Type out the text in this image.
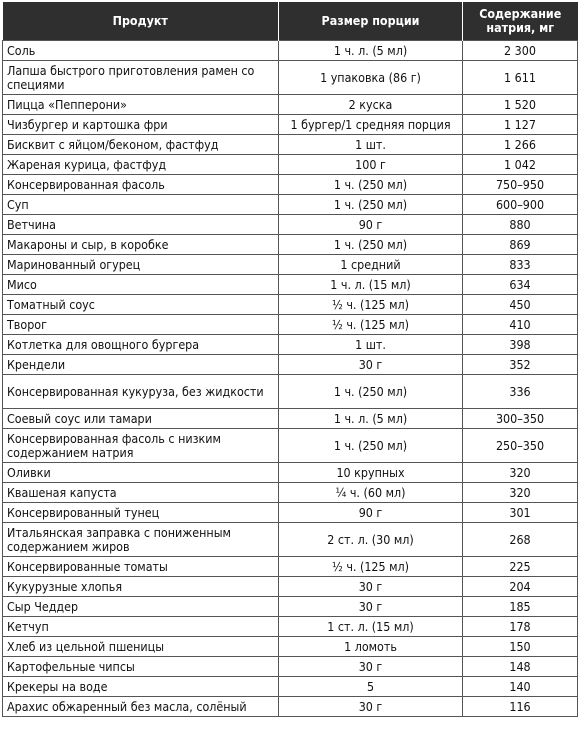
Продукт	Размер порции	Содержание натрия, мг
Соль	1 ч. л. (5 мл)	2 300
Лапша быстрого приготовления рамен со специями	1 упаковка (86 г)	1 611
Пицца «Пепперони»	2 куска	1 520
Чизбургер и картошка фри	1 бургер/1 средняя порция	1 127
Бисквит с яйцом/беконом, фастфуд	1 шт.	1 266
Жареная курица, фастфуд	100 г	1 042
Консервированная фасоль	1 ч. (250 мл)	750–950
Суп	1 ч. (250 мл)	600–900
Ветчина	90 г	880
Макароны и сыр, в коробке	1 ч. (250 мл)	869
Маринованный огурец	1 средний	833
Мисо	1 ч. л. (15 мл)	634
Томатный соус	½ ч. (125 мл)	450
Творог	½ ч. (125 мл)	410
Котлетка для овощного бургера	1 шт.	398
Крендели	30 г	352
Консервированная кукуруза, без жидкости	1 ч. (250 мл)	336
Соевый соус или тамари	1 ч. л. (5 мл)	300–350
Консервированная фасоль с низким содержанием натрия	1 ч. (250 мл)	250–350
Оливки	10 крупных	320
Квашеная капуста	¼ ч. (60 мл)	320
Консервированный тунец	90 г	301
Итальянская заправка с пониженным содержанием жиров	2 ст. л. (30 мл)	268
Консервированные томаты	½ ч. (125 мл)	225
Кукурузные хлопья	30 г	204
Сыр Чеддер	30 г	185
Кетчуп	1 ст. л. (15 мл)	178
Хлеб из цельной пшеницы	1 ломоть	150
Картофельные чипсы	30 г	148
Крекеры на воде	5	140
Арахис обжаренный без масла, солёный	30 г	116
